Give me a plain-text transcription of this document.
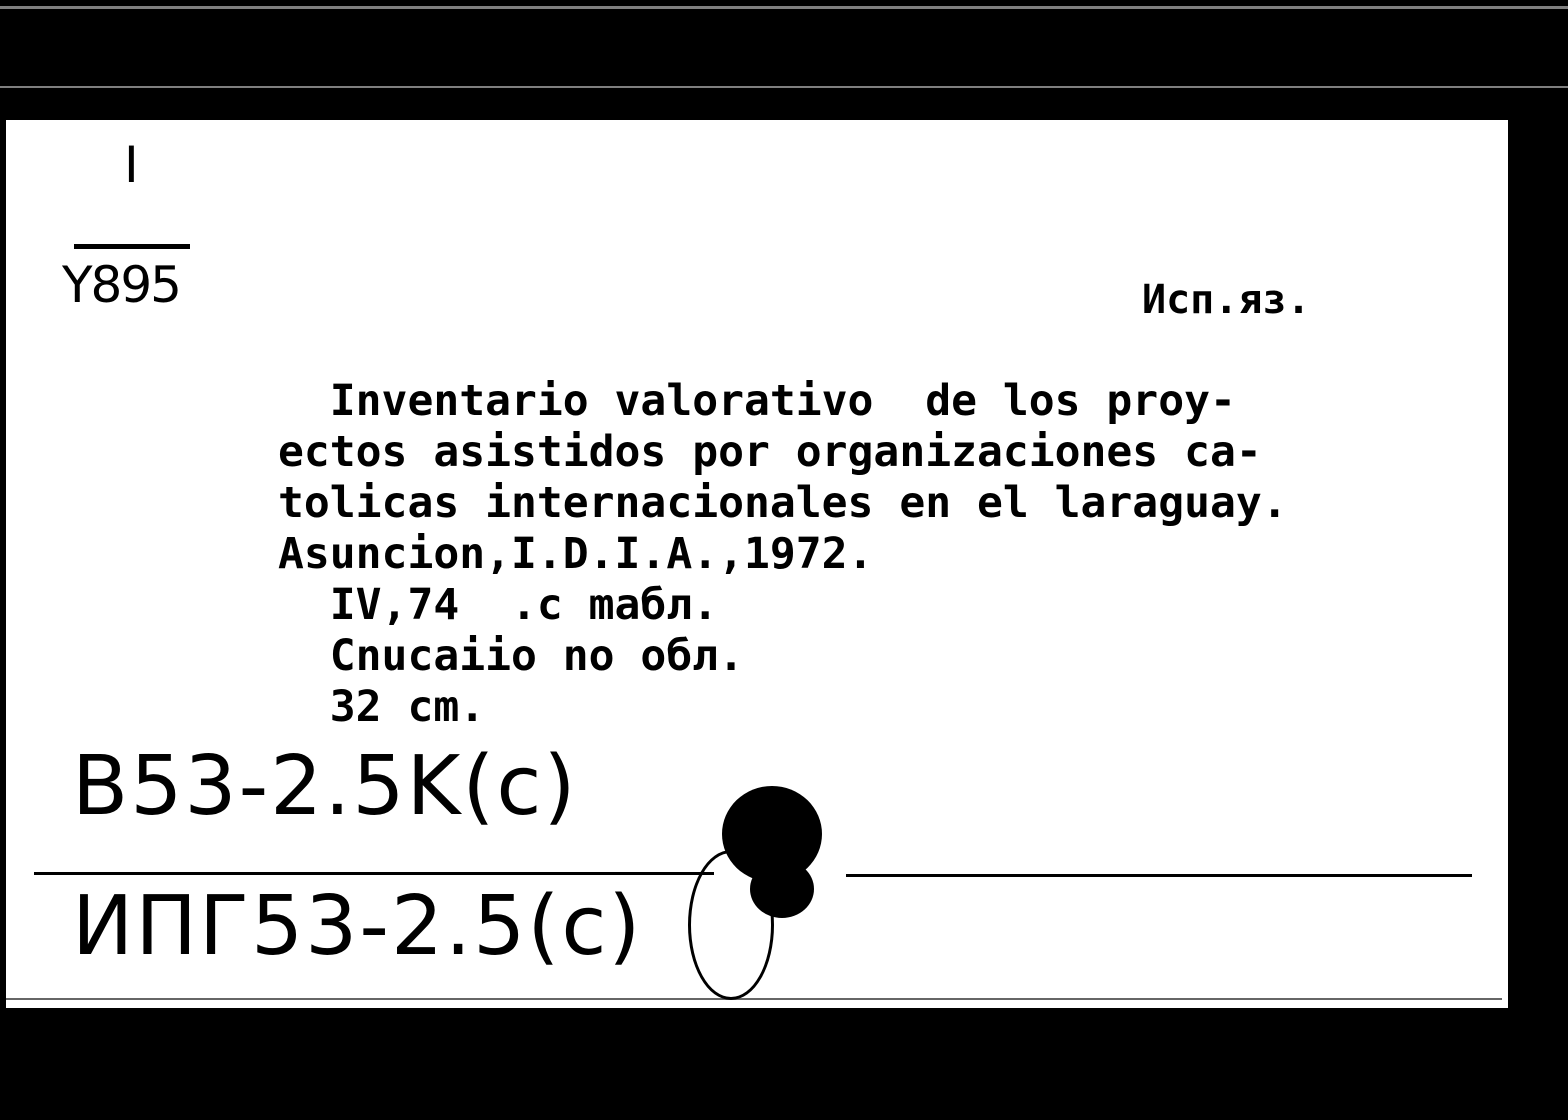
I
Y895	Исп.яз.
Inventario valorativo  de los proy-
ectos asistidos por organizaciones ca-
tolicas internacionales en el laraguay.
Asuncion,I.D.I.A.,1972.
IV,74  .c mабл.
Cnucaiio no обл.
32 cm.
B53-2.5K(c)
ИПГ53-2.5(c)
